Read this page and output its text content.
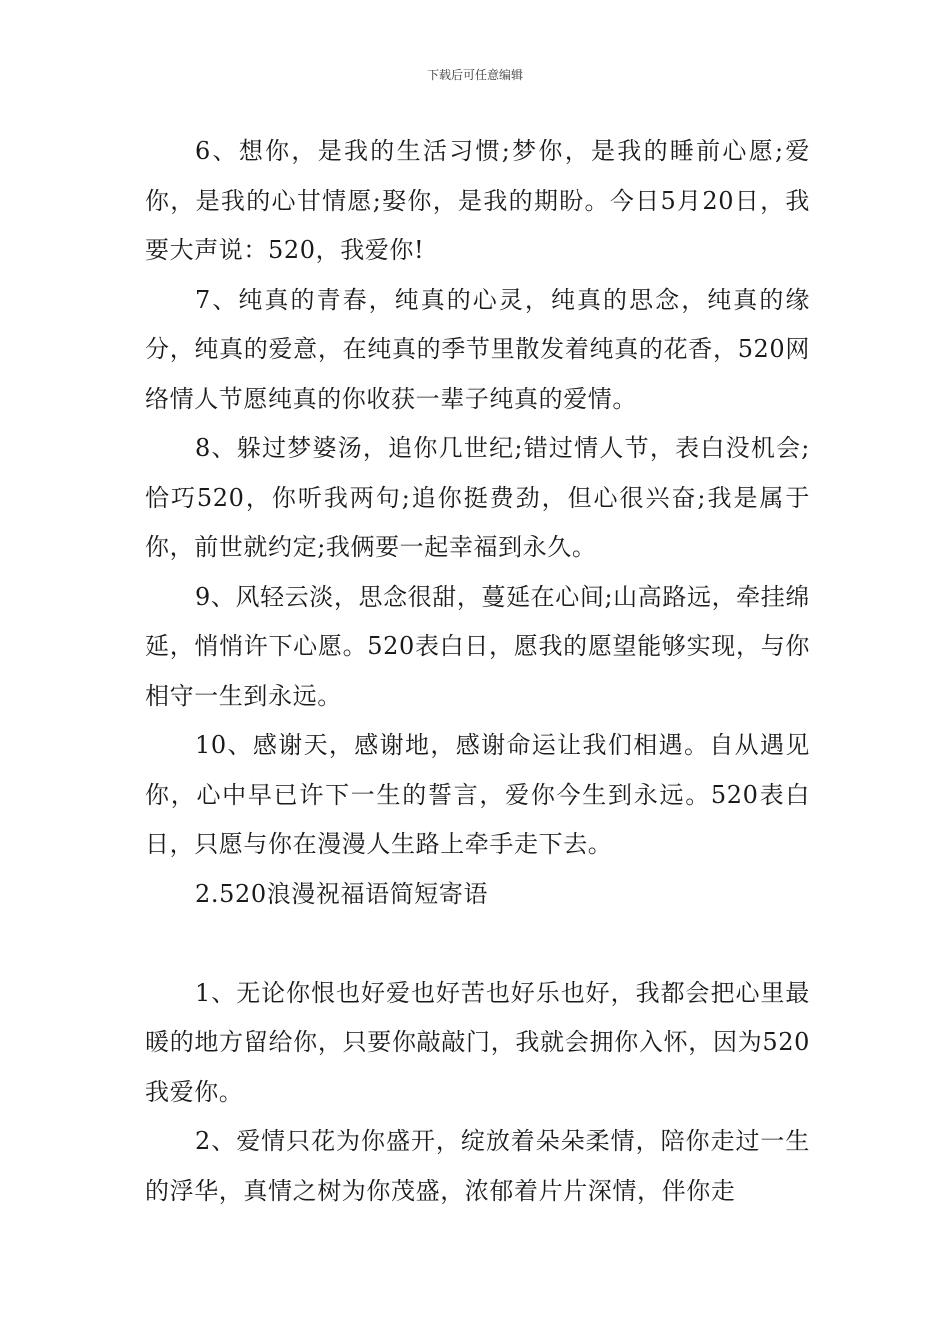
下载后可任意编辑

6、想你，是我的生活习惯;梦你，是我的睡前心愿;爱你，是我的心甘情愿;娶你，是我的期盼。今日5月20日，我要大声说：520，我爱你!

7、纯真的青春，纯真的心灵，纯真的思念，纯真的缘分，纯真的爱意，在纯真的季节里散发着纯真的花香，520网络情人节愿纯真的你收获一辈子纯真的爱情。

8、躲过梦婆汤，追你几世纪;错过情人节，表白没机会;恰巧520，你听我两句;追你挺费劲，但心很兴奋;我是属于你，前世就约定;我俩要一起幸福到永久。

9、风轻云淡，思念很甜，蔓延在心间;山高路远，牵挂绵延，悄悄许下心愿。520表白日，愿我的愿望能够实现，与你相守一生到永远。

10、感谢天，感谢地，感谢命运让我们相遇。自从遇见你，心中早已许下一生的誓言，爱你今生到永远。520表白日，只愿与你在漫漫人生路上牵手走下去。

2.520浪漫祝福语简短寄语

1、无论你恨也好爱也好苦也好乐也好，我都会把心里最暖的地方留给你，只要你敲敲门，我就会拥你入怀，因为520我爱你。

2、爱情只花为你盛开，绽放着朵朵柔情，陪你走过一生的浮华，真情之树为你茂盛，浓郁着片片深情，伴你走
